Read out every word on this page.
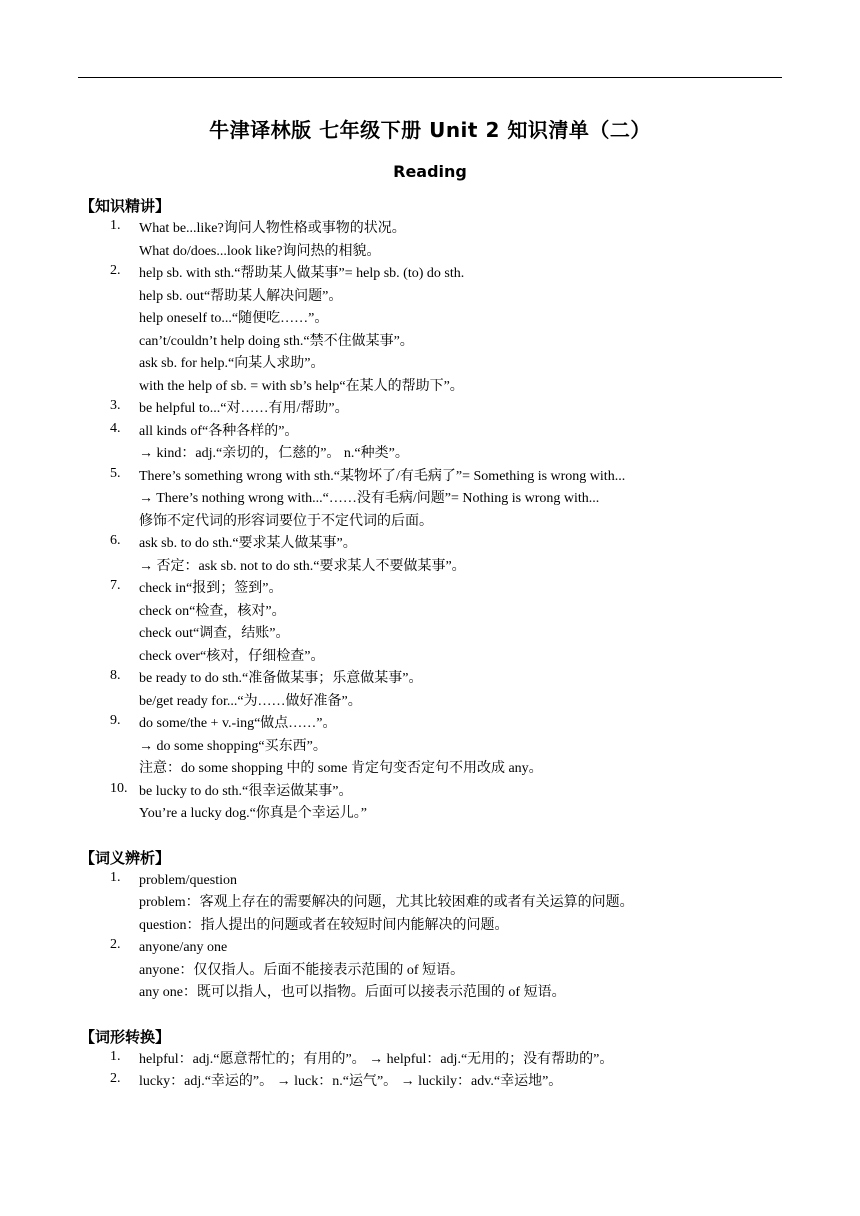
牛津译林版 七年级下册 Unit 2 知识清单（二）
Reading
【知识精讲】
1. What be...like?询问人物性格或事物的状况。
What do/does...look like?询问热的相貌。
2. help sb. with sth.“帮助某人做某事”= help sb. (to) do sth.
help sb. out“帮助某人解决问题”。
help oneself to...“随便吃……”。
can’t/couldn’t help doing sth.“禁不住做某事”。
ask sb. for help.“向某人求助”。
with the help of sb. = with sb’s help“在某人的帮助下”。
3. be helpful to...“对……有用/帮助”。
4. all kinds of“各种各样的”。
→ kind：adj.“亲切的，仁慈的”。 n.“种类”。
5. There’s something wrong with sth.“某物坏了/有毛病了”= Something is wrong with...
→ There’s nothing wrong with...“……没有毛病/问题”= Nothing is wrong with...
修饰不定代词的形容词要位于不定代词的后面。
6. ask sb. to do sth.“要求某人做某事”。
→ 否定：ask sb. not to do sth.“要求某人不要做某事”。
7. check in“报到；签到”。
check on“检查，核对”。
check out“调查，结账”。
check over“核对，仔细检查”。
8. be ready to do sth.“准备做某事；乐意做某事”。
be/get ready for...“为……做好准备”。
9. do some/the + v.-ing“做点……”。
→ do some shopping“买东西”。
注意：do some shopping 中的 some 肯定句变否定句不用改成 any。
10. be lucky to do sth.“很幸运做某事”。
You’re a lucky dog.“你真是个幸运儿。”
【词义辨析】
1. problem/question
problem：客观上存在的需要解决的问题，尤其比较困难的或者有关运算的问题。
question：指人提出的问题或者在较短时间内能解决的问题。
2. anyone/any one
anyone：仅仅指人。后面不能接表示范围的 of 短语。
any one：既可以指人，也可以指物。后面可以接表示范围的 of 短语。
【词形转换】
1. helpful：adj.“愿意帮忙的；有用的”。 → helpful：adj.“无用的；没有帮助的”。
2. lucky：adj.“幸运的”。 → luck：n.“运气”。 → luckily：adv.“幸运地”。
